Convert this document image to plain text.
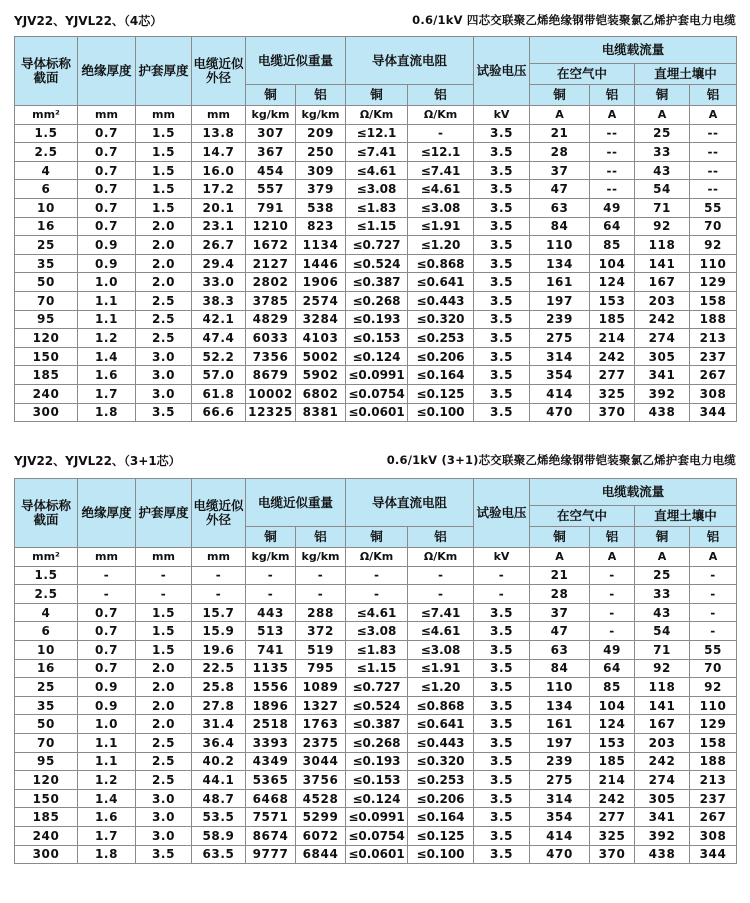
YJV22、YJVL22、（4芯）	0.6/1kV 四芯交联聚乙烯绝缘钢带铠装聚氯乙烯护套电力电缆
导体标称截面	绝缘厚度	护套厚度	电缆近似外径	电缆近似重量		导体直流电阻		试验电压	电缆载流量			
									在空气中		直埋土壤中	
				铜	铝	铜	铝		铜	铝	铜	铝
mm²	mm	mm	mm	kg/km	kg/km	Ω/Km	Ω/Km	kV	A	A	A	A
1.5	0.7	1.5	13.8	307	209	≤12.1	-	3.5	21	--	25	--
2.5	0.7	1.5	14.7	367	250	≤7.41	≤12.1	3.5	28	--	33	--
4	0.7	1.5	16.0	454	309	≤4.61	≤7.41	3.5	37	--	43	--
6	0.7	1.5	17.2	557	379	≤3.08	≤4.61	3.5	47	--	54	--
10	0.7	1.5	20.1	791	538	≤1.83	≤3.08	3.5	63	49	71	55
16	0.7	2.0	23.1	1210	823	≤1.15	≤1.91	3.5	84	64	92	70
25	0.9	2.0	26.7	1672	1134	≤0.727	≤1.20	3.5	110	85	118	92
35	0.9	2.0	29.4	2127	1446	≤0.524	≤0.868	3.5	134	104	141	110
50	1.0	2.0	33.0	2802	1906	≤0.387	≤0.641	3.5	161	124	167	129
70	1.1	2.5	38.3	3785	2574	≤0.268	≤0.443	3.5	197	153	203	158
95	1.1	2.5	42.1	4829	3284	≤0.193	≤0.320	3.5	239	185	242	188
120	1.2	2.5	47.4	6033	4103	≤0.153	≤0.253	3.5	275	214	274	213
150	1.4	3.0	52.2	7356	5002	≤0.124	≤0.206	3.5	314	242	305	237
185	1.6	3.0	57.0	8679	5902	≤0.0991	≤0.164	3.5	354	277	341	267
240	1.7	3.0	61.8	10002	6802	≤0.0754	≤0.125	3.5	414	325	392	308
300	1.8	3.5	66.6	12325	8381	≤0.0601	≤0.100	3.5	470	370	438	344
YJV22、YJVL22、（3+1芯）	0.6/1kV (3+1)芯交联聚乙烯绝缘钢带铠装聚氯乙烯护套电力电缆
导体标称截面	绝缘厚度	护套厚度	电缆近似外径	电缆近似重量		导体直流电阻		试验电压	电缆载流量			
									在空气中		直埋土壤中	
				铜	铝	铜	铝		铜	铝	铜	铝
mm²	mm	mm	mm	kg/km	kg/km	Ω/Km	Ω/Km	kV	A	A	A	A
1.5	-	-	-	-	-	-	-	-	21	-	25	-
2.5	-	-	-	-	-	-	-	-	28	-	33	-
4	0.7	1.5	15.7	443	288	≤4.61	≤7.41	3.5	37	-	43	-
6	0.7	1.5	15.9	513	372	≤3.08	≤4.61	3.5	47	-	54	-
10	0.7	1.5	19.6	741	519	≤1.83	≤3.08	3.5	63	49	71	55
16	0.7	2.0	22.5	1135	795	≤1.15	≤1.91	3.5	84	64	92	70
25	0.9	2.0	25.8	1556	1089	≤0.727	≤1.20	3.5	110	85	118	92
35	0.9	2.0	27.8	1896	1327	≤0.524	≤0.868	3.5	134	104	141	110
50	1.0	2.0	31.4	2518	1763	≤0.387	≤0.641	3.5	161	124	167	129
70	1.1	2.5	36.4	3393	2375	≤0.268	≤0.443	3.5	197	153	203	158
95	1.1	2.5	40.2	4349	3044	≤0.193	≤0.320	3.5	239	185	242	188
120	1.2	2.5	44.1	5365	3756	≤0.153	≤0.253	3.5	275	214	274	213
150	1.4	3.0	48.7	6468	4528	≤0.124	≤0.206	3.5	314	242	305	237
185	1.6	3.0	53.5	7571	5299	≤0.0991	≤0.164	3.5	354	277	341	267
240	1.7	3.0	58.9	8674	6072	≤0.0754	≤0.125	3.5	414	325	392	308
300	1.8	3.5	63.5	9777	6844	≤0.0601	≤0.100	3.5	470	370	438	344
